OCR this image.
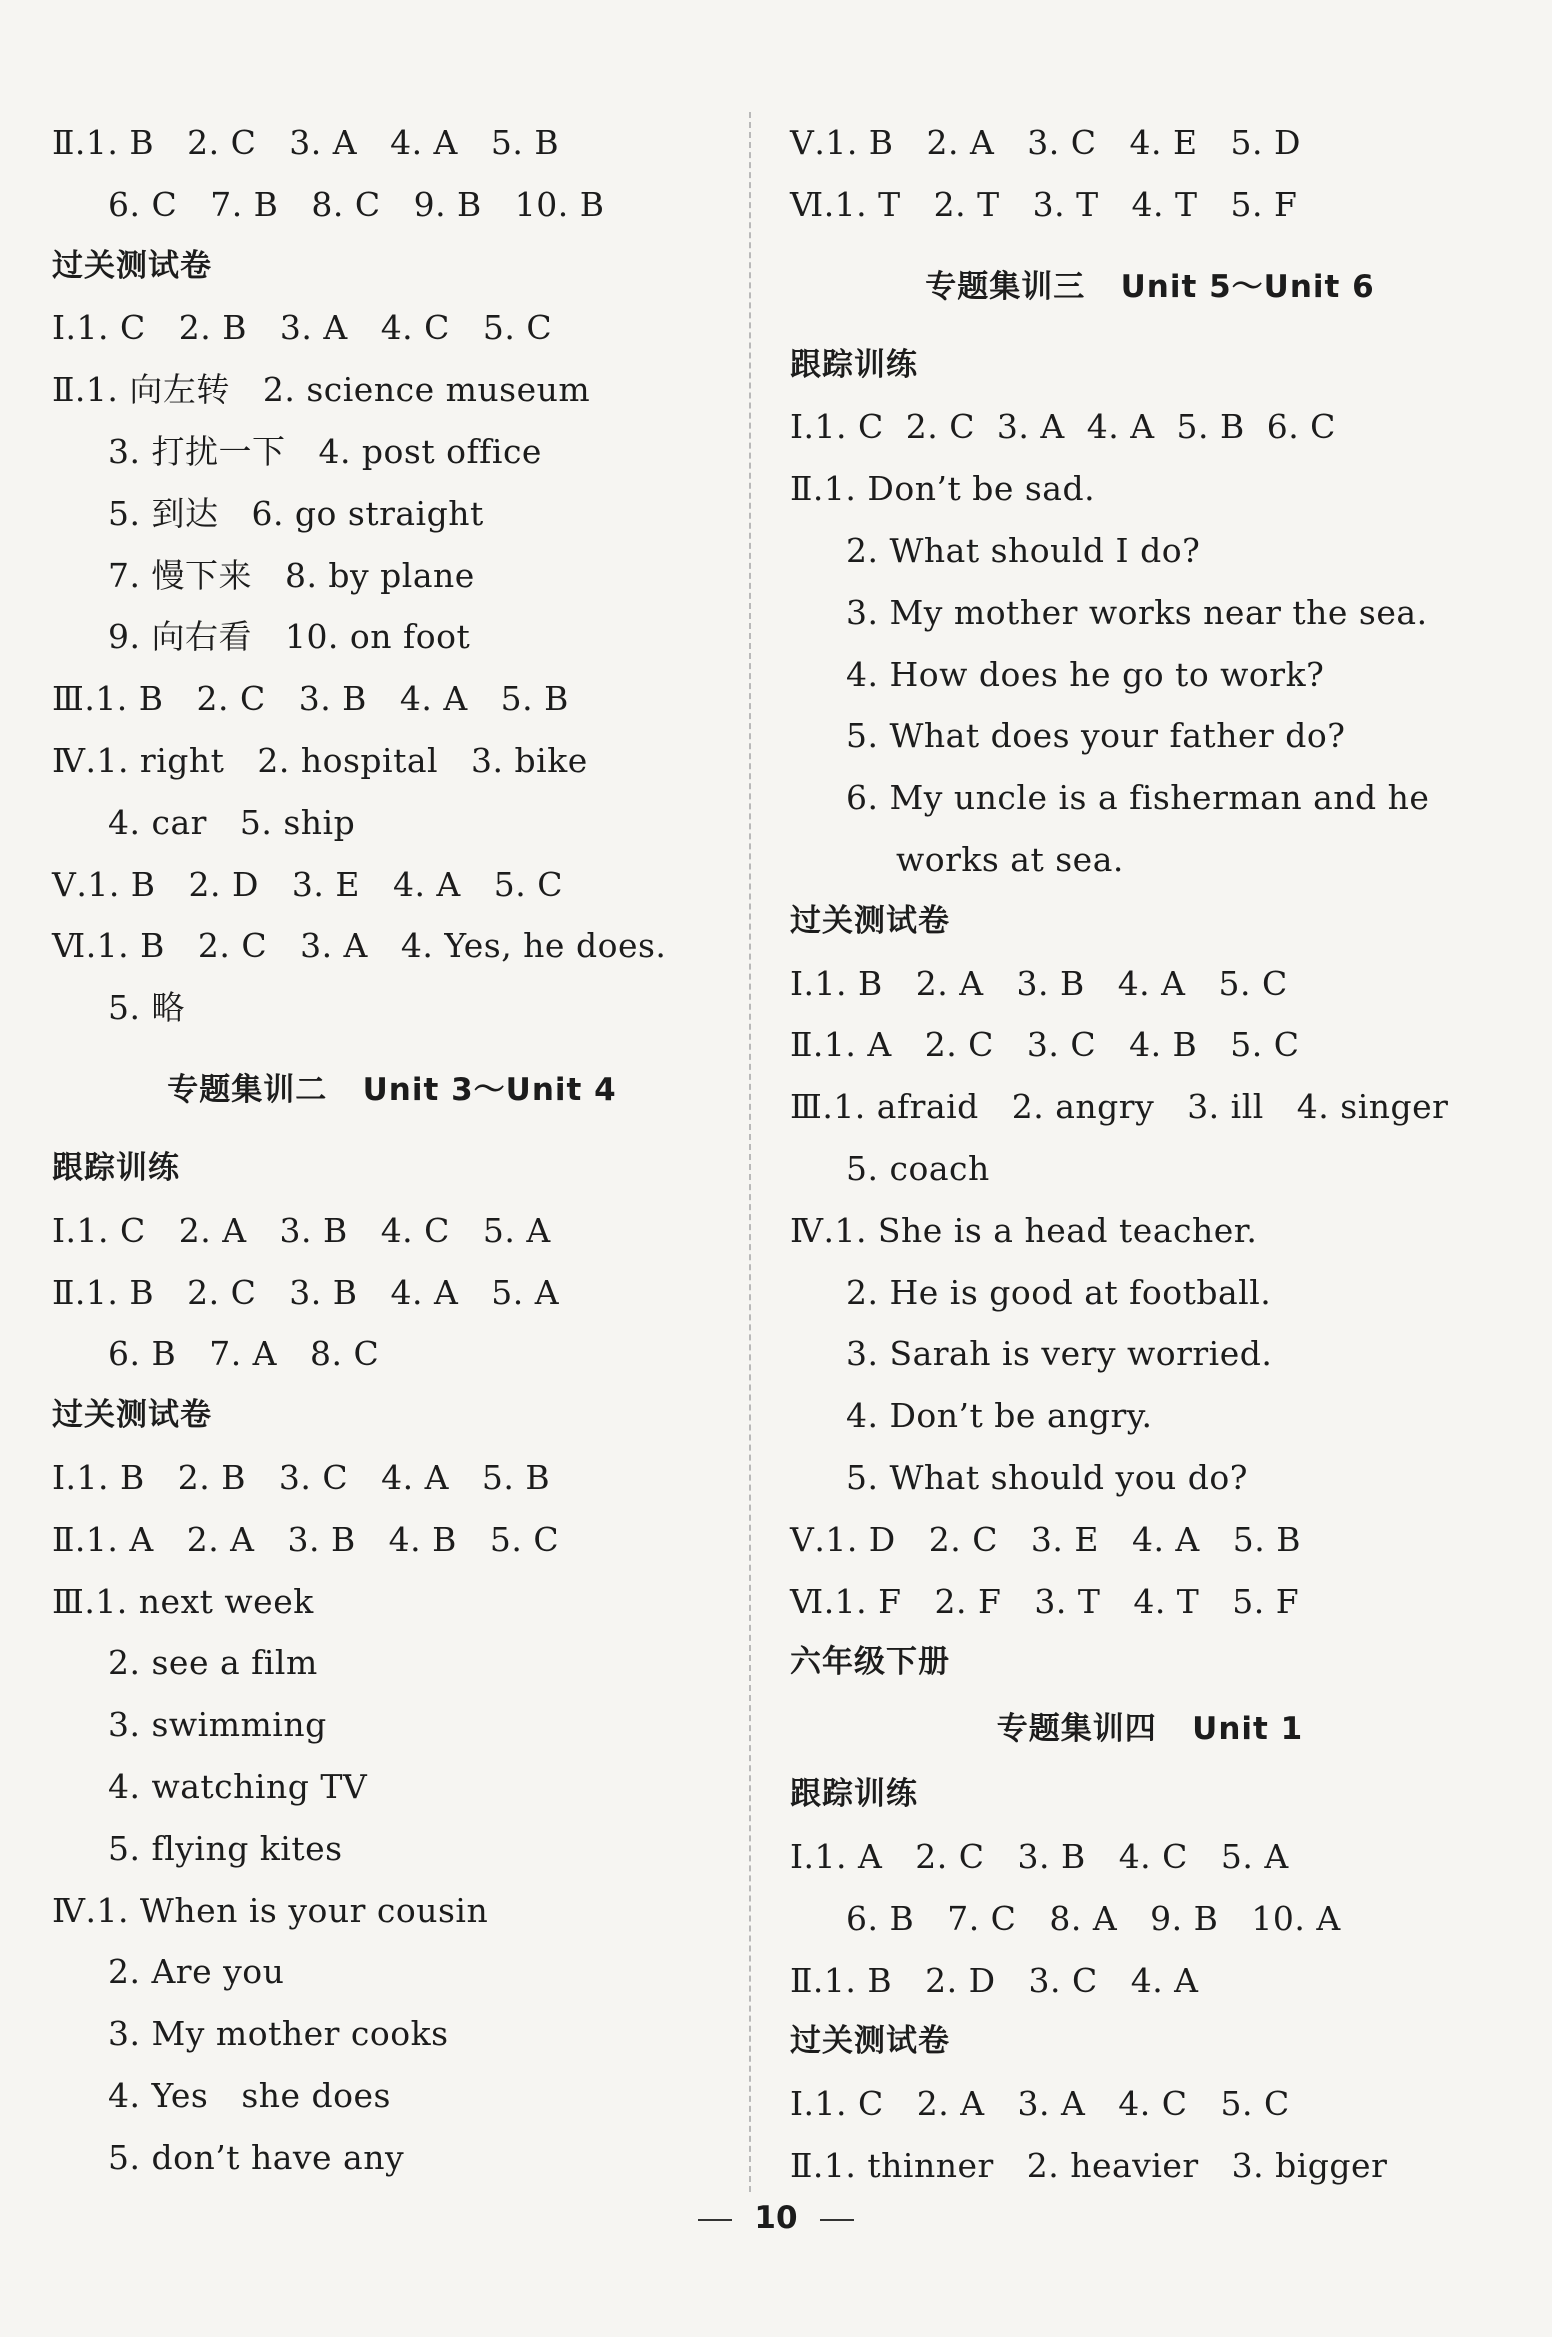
Ⅱ.1. B   2. C   3. A   4. A   5. B
6. C   7. B   8. C   9. B   10. B
过关测试卷
Ⅰ.1. C   2. B   3. A   4. C   5. C
Ⅱ.1. 向左转   2. science museum
3. 打扰一下   4. post office
5. 到达   6. go straight
7. 慢下来   8. by plane
9. 向右看   10. on foot
Ⅲ.1. B   2. C   3. B   4. A   5. B
Ⅳ.1. right   2. hospital   3. bike
4. car   5. ship
Ⅴ.1. B   2. D   3. E   4. A   5. C
Ⅵ.1. B   2. C   3. A   4. Yes, he does.
5. 略
专题集训二   Unit 3～Unit 4
跟踪训练
Ⅰ.1. C   2. A   3. B   4. C   5. A
Ⅱ.1. B   2. C   3. B   4. A   5. A
6. B   7. A   8. C
过关测试卷
Ⅰ.1. B   2. B   3. C   4. A   5. B
Ⅱ.1. A   2. A   3. B   4. B   5. C
Ⅲ.1. next week
2. see a film
3. swimming
4. watching TV
5. flying kites
Ⅳ.1. When is your cousin
2. Are you
3. My mother cooks
4. Yes   she does
5. don’t have any
Ⅴ.1. B   2. A   3. C   4. E   5. D
Ⅵ.1. T   2. T   3. T   4. T   5. F
专题集训三   Unit 5～Unit 6
跟踪训练
Ⅰ.1. C  2. C  3. A  4. A  5. B  6. C
Ⅱ.1. Don’t be sad.
2. What should I do?
3. My mother works near the sea.
4. How does he go to work?
5. What does your father do?
6. My uncle is a fisherman and he
works at sea.
过关测试卷
Ⅰ.1. B   2. A   3. B   4. A   5. C
Ⅱ.1. A   2. C   3. C   4. B   5. C
Ⅲ.1. afraid   2. angry   3. ill   4. singer
5. coach
Ⅳ.1. She is a head teacher.
2. He is good at football.
3. Sarah is very worried.
4. Don’t be angry.
5. What should you do?
Ⅴ.1. D   2. C   3. E   4. A   5. B
Ⅵ.1. F   2. F   3. T   4. T   5. F
六年级下册
专题集训四   Unit 1
跟踪训练
Ⅰ.1. A   2. C   3. B   4. C   5. A
6. B   7. C   8. A   9. B   10. A
Ⅱ.1. B   2. D   3. C   4. A
过关测试卷
Ⅰ.1. C   2. A   3. A   4. C   5. C
Ⅱ.1. thinner   2. heavier   3. bigger
10
